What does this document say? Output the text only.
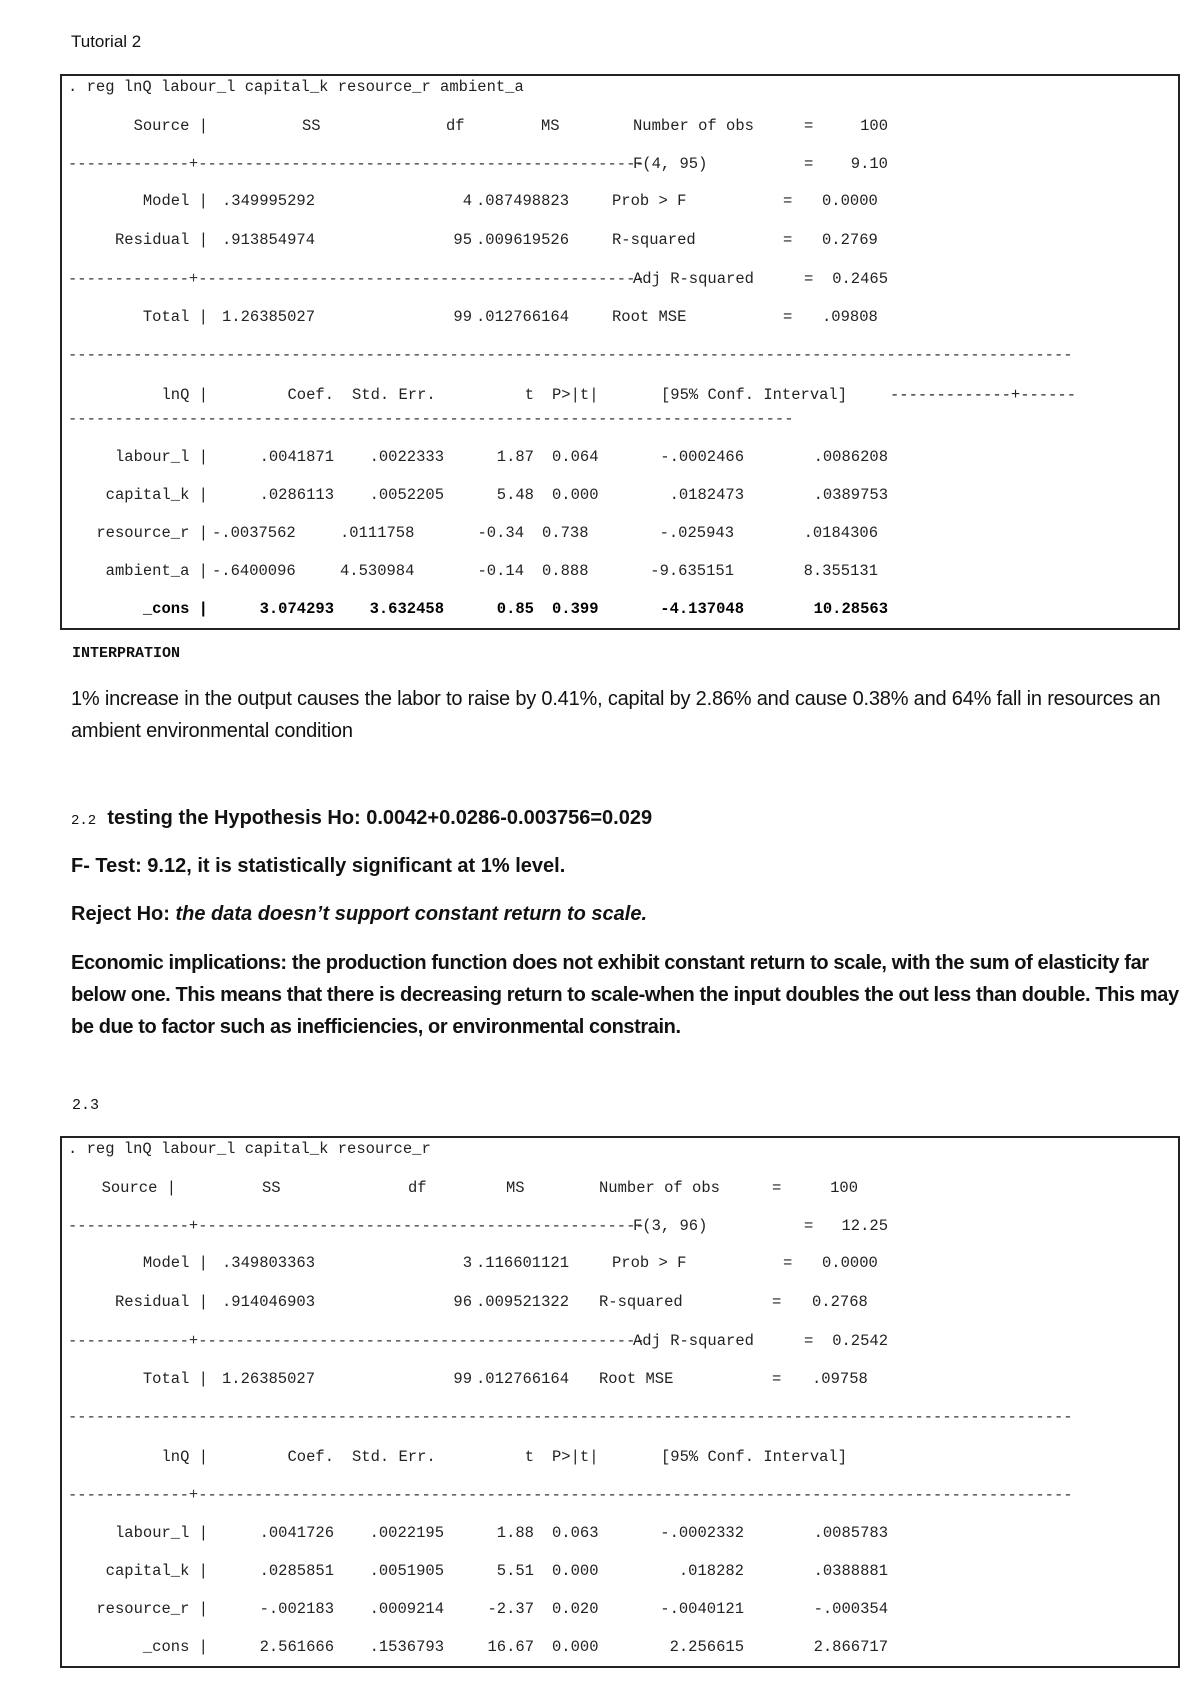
Tutorial 2
. reg lnQ labour_l capital_k resource_r ambient_a
Source |	SS	df	MS	Number of obs	=	100
-------------+------------------------------------------------
F(4, 95)	=	9.10
Model | .349995292	4 .087498823	Prob > F	= 0.0000
Residual | .913854974	95 .009619526	R-squared	= 0.2769
-------------+------------------------------------------------
Adj R-squared	=	0.2465
Total | 1.26385027	99 .012766164	Root MSE	= .09808
------------------------------------------------------------------------------------------------------------
lnQ |	Coef. Std. Err.	t P>|t|	[95% Conf. Interval]	-------------+------
------------------------------------------------------------------------------
labour_l |	.0041871	.0022333	1.87 0.064	-.0002466	.0086208
capital_k |	.0286113	.0052205	5.48 0.000	.0182473	.0389753
resource_r | -.0037562	.0111758	-0.34 0.738	-.025943	.0184306
ambient_a | -.6400096	4.530984	-0.14 0.888	-9.635151	8.355131
_cons |	3.074293	3.632458	0.85 0.399	-4.137048	10.28563
INTERPRATION
1% increase in the output causes the labor to raise by 0.41%, capital by 2.86% and cause 0.38% and 64% fall in resources an ambient environmental condition
2.2 testing the Hypothesis Ho: 0.0042+0.0286-0.003756=0.029
F- Test: 9.12, it is statistically significant at 1% level.
Reject Ho: the data doesn’t support constant return to scale.
Economic implications: the production function does not exhibit constant return to scale, with the sum of elasticity far below one. This means that there is decreasing return to scale-when the input doubles the out less than double. This may be due to factor such as inefficiencies, or environmental constrain.
2.3
. reg lnQ labour_l capital_k resource_r
Source |	SS	df	MS	Number of obs	=	100
-------------+------------------------------------------------
F(3, 96)	=	12.25
Model | .349803363	3 .116601121	Prob > F	= 0.0000
Residual | .914046903	96 .009521322 R-squared	= 0.2768
-------------+------------------------------------------------
Adj R-squared	=	0.2542
Total | 1.26385027	99 .012766164 Root MSE	= .09758
------------------------------------------------------------------------------------------------------------
lnQ |	Coef. Std. Err.	t P>|t|	[95% Conf. Interval]
-------------+----------------------------------------------------------------------------------------------
labour_l |	.0041726	.0022195	1.88 0.063	-.0002332	.0085783
capital_k |	.0285851	.0051905	5.51 0.000	.018282	.0388881
resource_r |	-.002183	.0009214	-2.37 0.020	-.0040121	-.000354
_cons |	2.561666	.1536793	16.67 0.000	2.256615	2.866717
